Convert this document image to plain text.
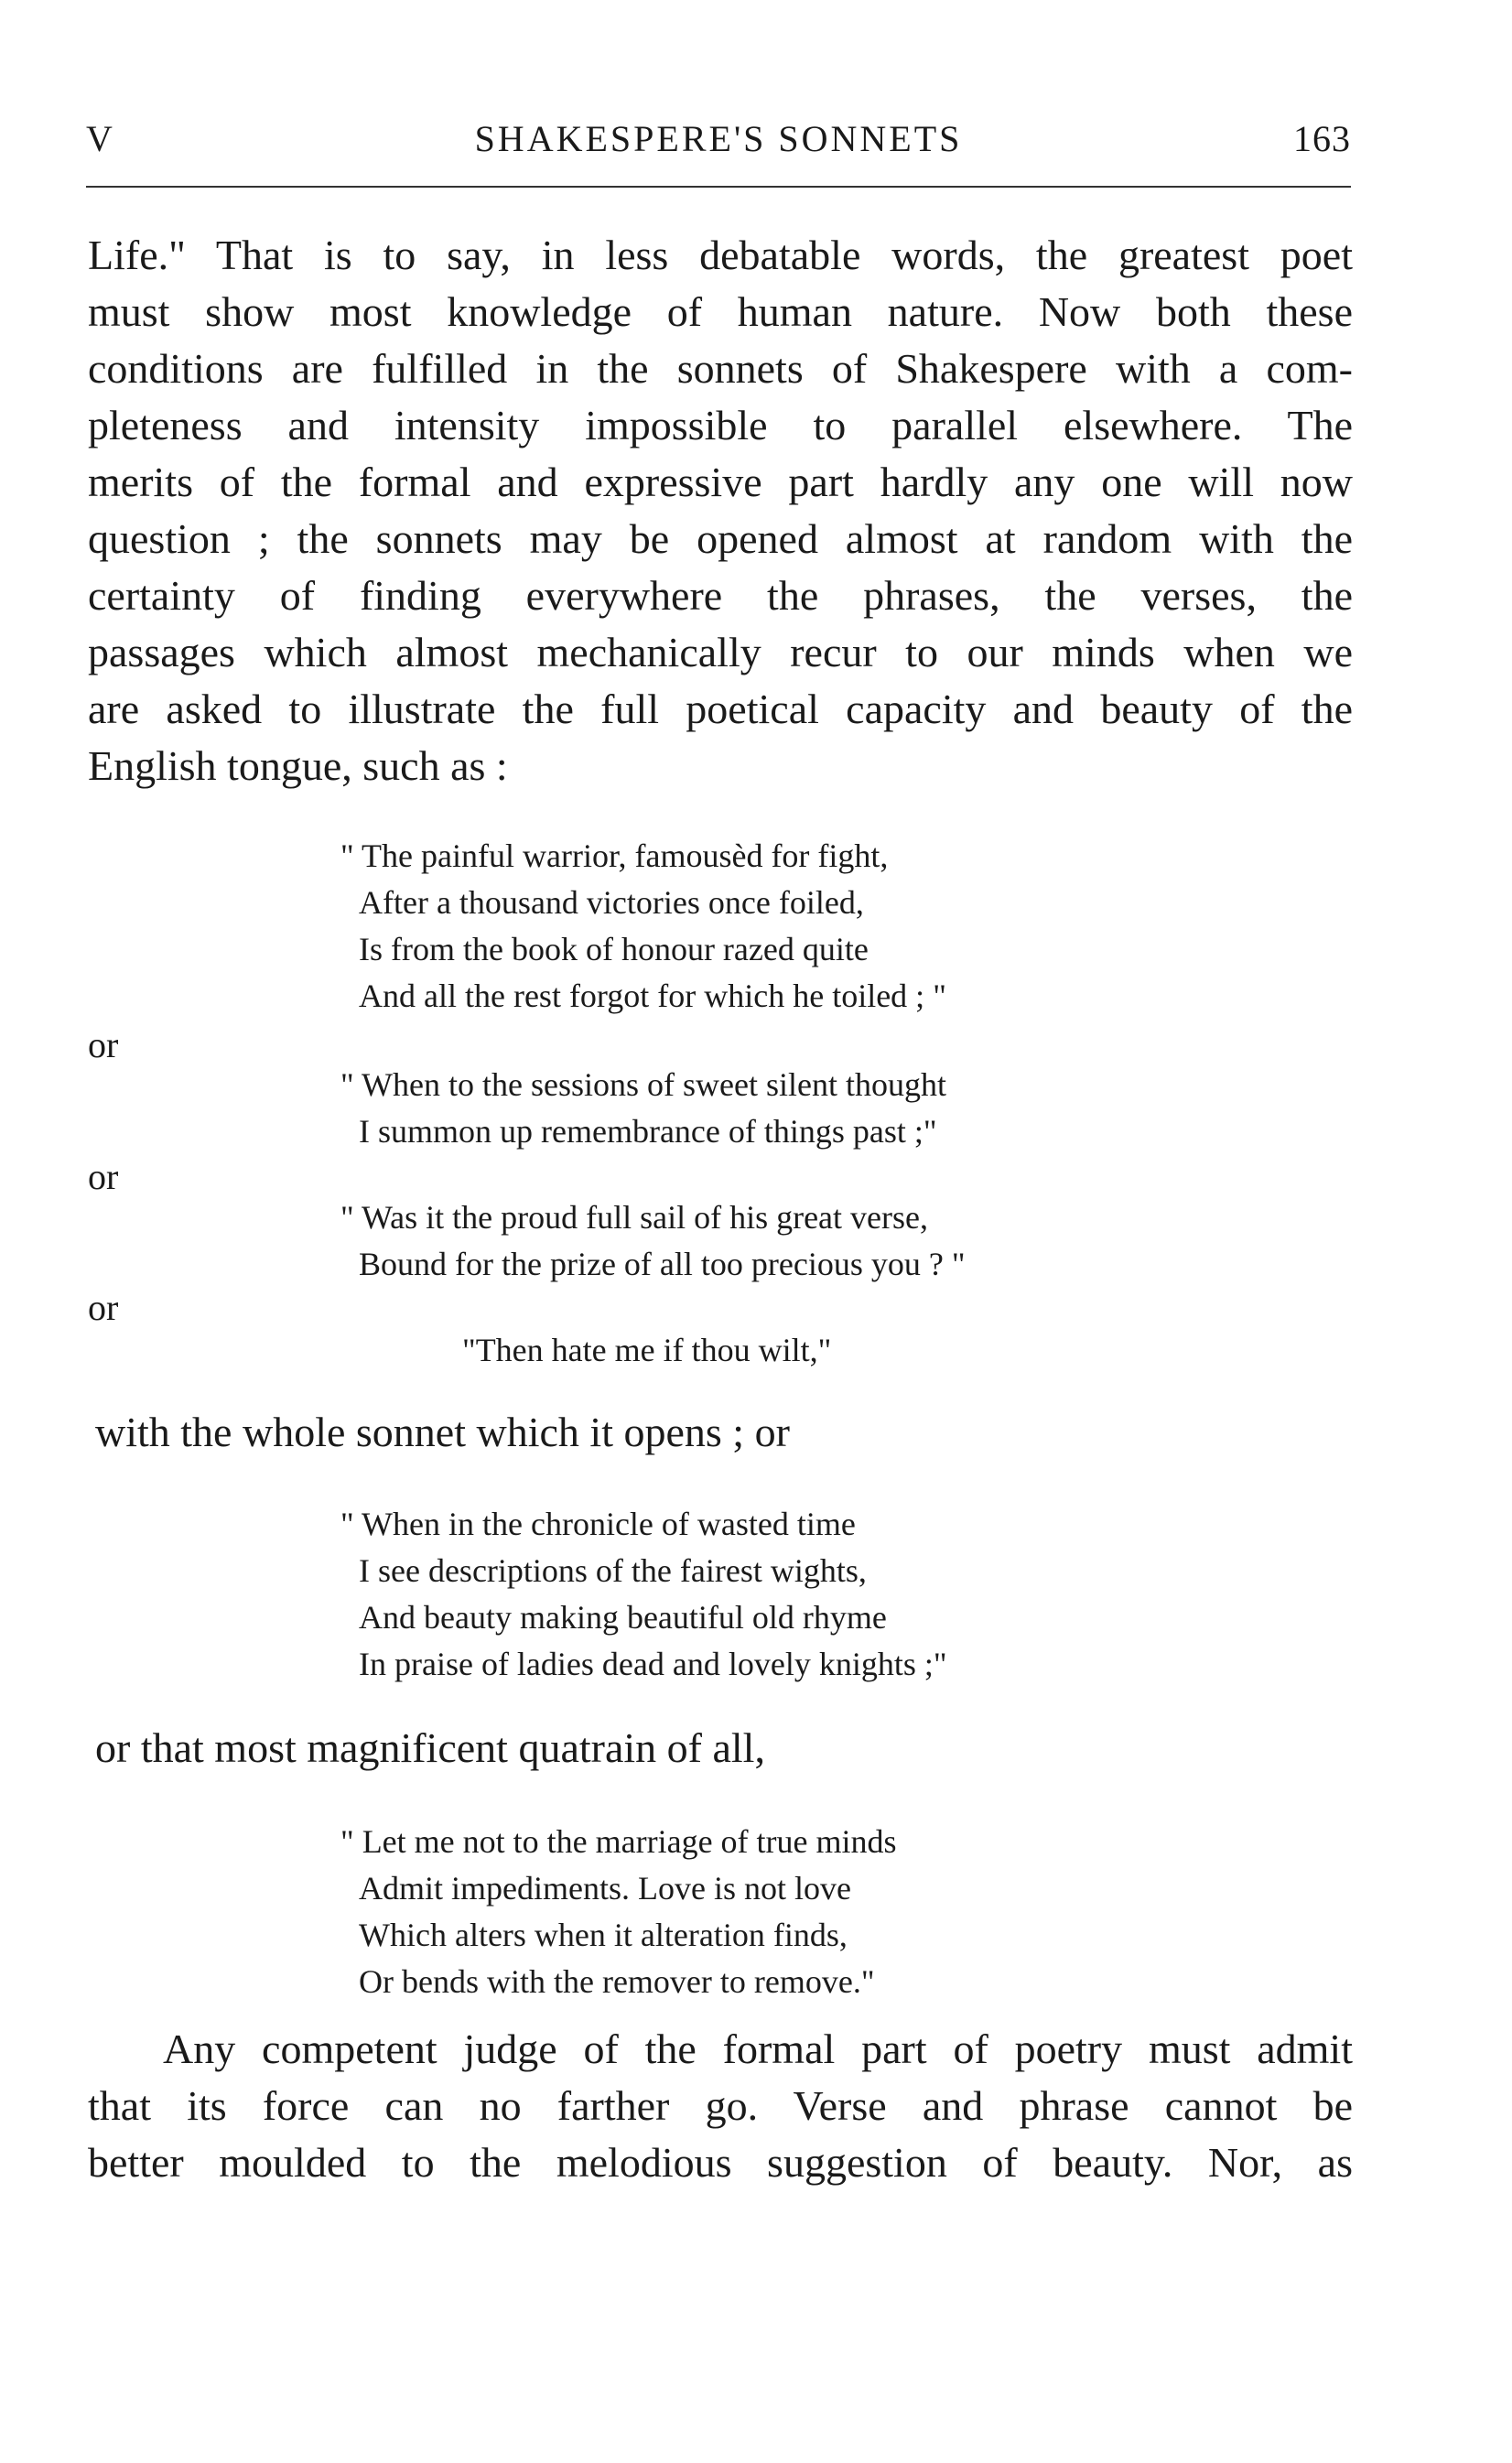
V	SHAKESPERE'S SONNETS	163
Life." That is to say, in less debatable words, the greatest poet
must show most knowledge of human nature. Now both these
conditions are fulfilled in the sonnets of Shakespere with a com-
pleteness and intensity impossible to parallel elsewhere. The
merits of the formal and expressive part hardly any one will now
question ; the sonnets may be opened almost at random with the
certainty of finding everywhere the phrases, the verses, the
passages which almost mechanically recur to our minds when we
are asked to illustrate the full poetical capacity and beauty of the
English tongue, such as :
" The painful warrior, famousèd for fight,
After a thousand victories once foiled,
Is from the book of honour razed quite
And all the rest forgot for which he toiled ; "
or
" When to the sessions of sweet silent thought
I summon up remembrance of things past ;"
or
" Was it the proud full sail of his great verse,
Bound for the prize of all too precious you ? "
or
"Then hate me if thou wilt,"
with the whole sonnet which it opens ; or
" When in the chronicle of wasted time
I see descriptions of the fairest wights,
And beauty making beautiful old rhyme
In praise of ladies dead and lovely knights ;"
or that most magnificent quatrain of all,
" Let me not to the marriage of true minds
Admit impediments. Love is not love
Which alters when it alteration finds,
Or bends with the remover to remove."
Any competent judge of the formal part of poetry must admit
that its force can no farther go. Verse and phrase cannot be
better moulded to the melodious suggestion of beauty. Nor, as
